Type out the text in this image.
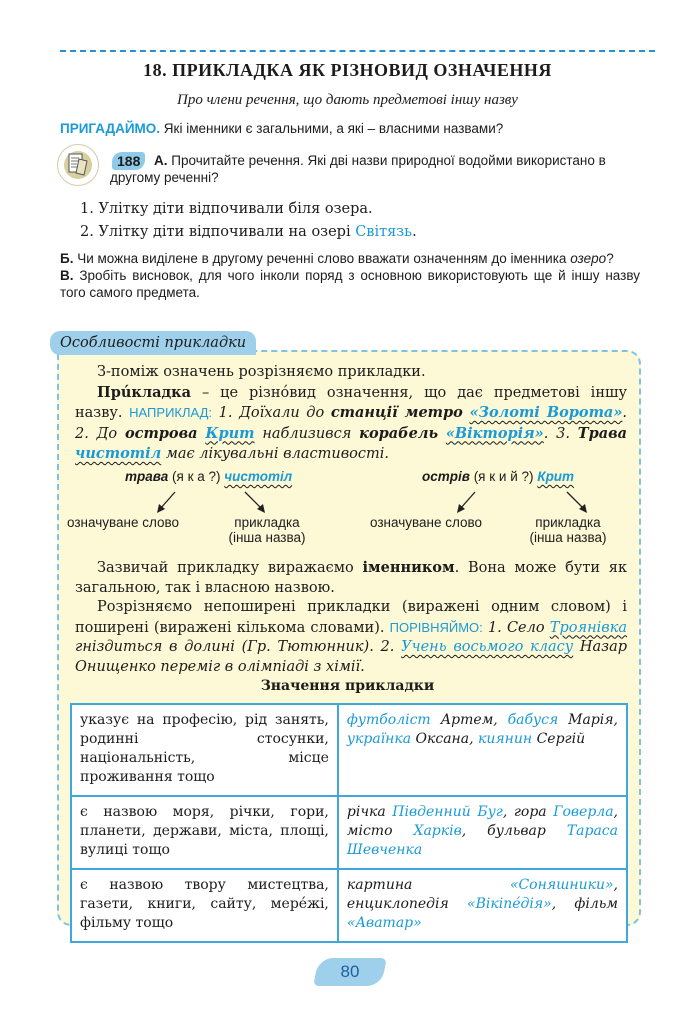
18. ПРИКЛАДКА ЯК РІЗНОВИД ОЗНАЧЕННЯ
Про члени речення, що дають предметові іншу назву
ПРИГАДАЙМО. Які іменники є загальними, а які – власними назвами?
А. Прочитайте речення. Які дві назви природної водойми використано в другому реченні?
188
1. Улітку діти відпочивали біля озера.
2. Улітку діти відпочивали на озері Світязь.
Б. Чи можна виділене в другому реченні слово вважати означенням до іменника озеро?
В. Зробіть висновок, для чого інколи поряд з основною використовують ще й іншу назву того самого предмета.
Особливості прикладки

З-поміж означень розрізняємо прикладки.

Прúкладка – це різнóвид означення, що дає предметові іншу назву. НАПРИКЛАД: 1. Доїхали до станції метро «Золоті Ворота». 2. До острова Крит наблизився корабель «Вікторія». 3. Трава чистотіл має лікувальні властивості.

трава (я к а ?) чистотіл
означуване слово	прикладка
(інша назва)
острів (я к и й ?) Крит
означуване слово	прикладка
(інша назва)

Зазвичай прикладку виражаємо іменником. Вона може бути як загальною, так і власною назвою.

Розрізняємо непоширені прикладки (виражені одним словом) і поширені (виражені кількома словами). ПОРІВНЯЙМО: 1. Село Троянівка гніздиться в долині (Гр. Тютюнник). 2. Учень восьмого класу Назар Онищенко переміг в олімпіаді з хімії.

Значення прикладки
указує на професію, рід занять, родинні стосунки, національність, місце проживання тощо	футболіст Артем, бабуся Марія, українка Оксана, киянин Сергій
є назвою моря, річки, гори, планети, держави, міста, площі, вулиці тощо	річка Південний Буг, гора Говерла, місто Харків, бульвар Тараса Шевченка
є назвою твору мистецтва, газети, книги, сайту, мерéжі, фільму тощо	картина «Соняшники», енциклопедія «Вікіпéдія», фільм «Аватар»
80
